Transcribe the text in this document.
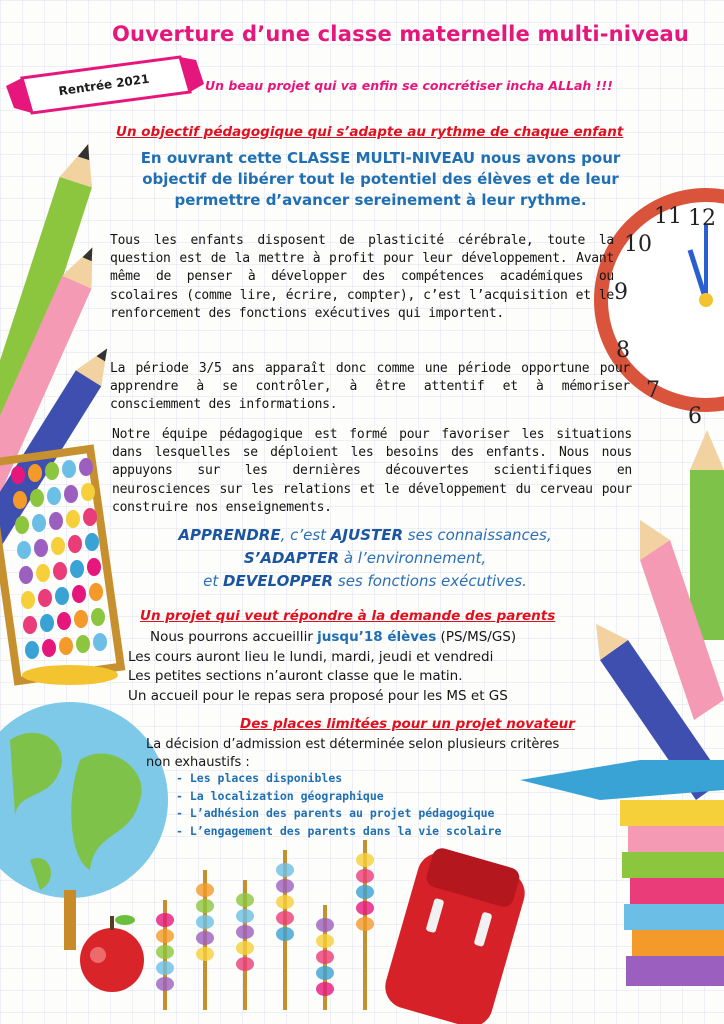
12
11
10
9
8
7
6
Ouverture d’une classe maternelle multi-niveau
Rentrée 2021	Un beau projet qui va enfin se concrétiser incha ALLah !!!
Un objectif pédagogique qui s’adapte au rythme de chaque enfant
En ouvrant cette CLASSE MULTI-NIVEAU nous avons pour
objectif de libérer tout le potentiel des élèves et de leur
permettre d’avancer sereinement à leur rythme.
Tous les enfants disposent de plasticité cérébrale, toute la question est de la mettre à profit pour leur développement. Avant même de penser à développer des compétences académiques ou scolaires (comme lire, écrire, compter), c’est l’acquisition et le renforcement des fonctions exécutives qui importent.
La période 3/5 ans apparaît donc comme une période opportune pour apprendre à se contrôler, à être attentif et à mémoriser consciemment des informations.
Notre équipe pédagogique est formé pour favoriser les situations dans lesquelles se déploient les besoins des enfants. Nous nous appuyons sur les dernières découvertes scientifiques en neurosciences sur les relations et le développement du cerveau pour construire nos enseignements.
APPRENDRE, c’est AJUSTER ses connaissances,
S’ADAPTER à l’environnement,
et DEVELOPPER ses fonctions exécutives.
Un projet qui veut répondre à la demande des parents
Nous pourrons accueillir jusqu’18 élèves (PS/MS/GS)
Les cours auront lieu le lundi, mardi, jeudi et vendredi
Les petites sections n’auront classe que le matin.
Un accueil pour le repas sera proposé pour les MS et GS
Des places limitées pour un projet novateur
La décision d’admission est déterminée selon plusieurs critères
non exhaustifs :
- Les places disponibles
- La localization géographique
- L’adhésion des parents au projet pédagogique
- L’engagement des parents dans la vie scolaire
